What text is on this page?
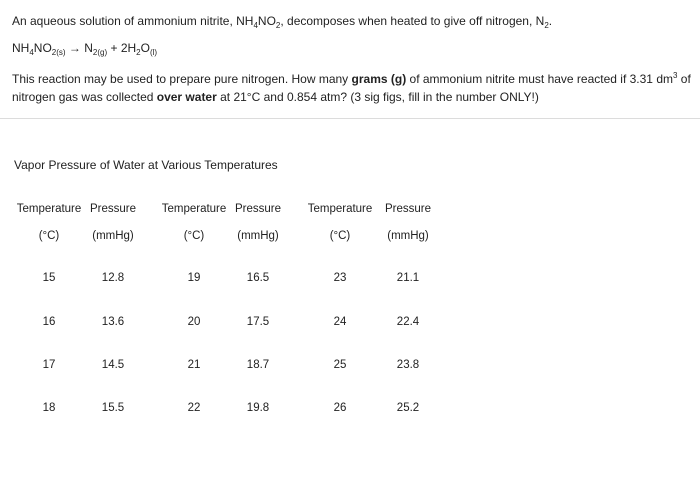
An aqueous solution of ammonium nitrite, $NH_4NO_2$, decomposes when heated to give off nitrogen, $N_2$.
$NH_4NO_{2(s)} \to N_{2(g)} + 2H_2O_{(l)}$
This reaction may be used to prepare pure nitrogen. How many grams (g) of ammonium nitrite must have reacted if 3.31 $dm^3$ of
nitrogen gas was collected over water at 21°C and 0.854 atm? (3 sig figs, fill in the number ONLY!)
Vapor Pressure of Water at Various Temperatures
Temperature Pressure	Temperature Pressure	Temperature	Pressure
(°C)	(mmHg)	(°C)	(mmHg)	(°C)	(mmHg)
15	12.8	19	16.5	23	21.1
16	13.6	20	17.5	24	22.4
17	14.5	21	18.7	25	23.8
18	15.5	22	19.8	26	25.2
